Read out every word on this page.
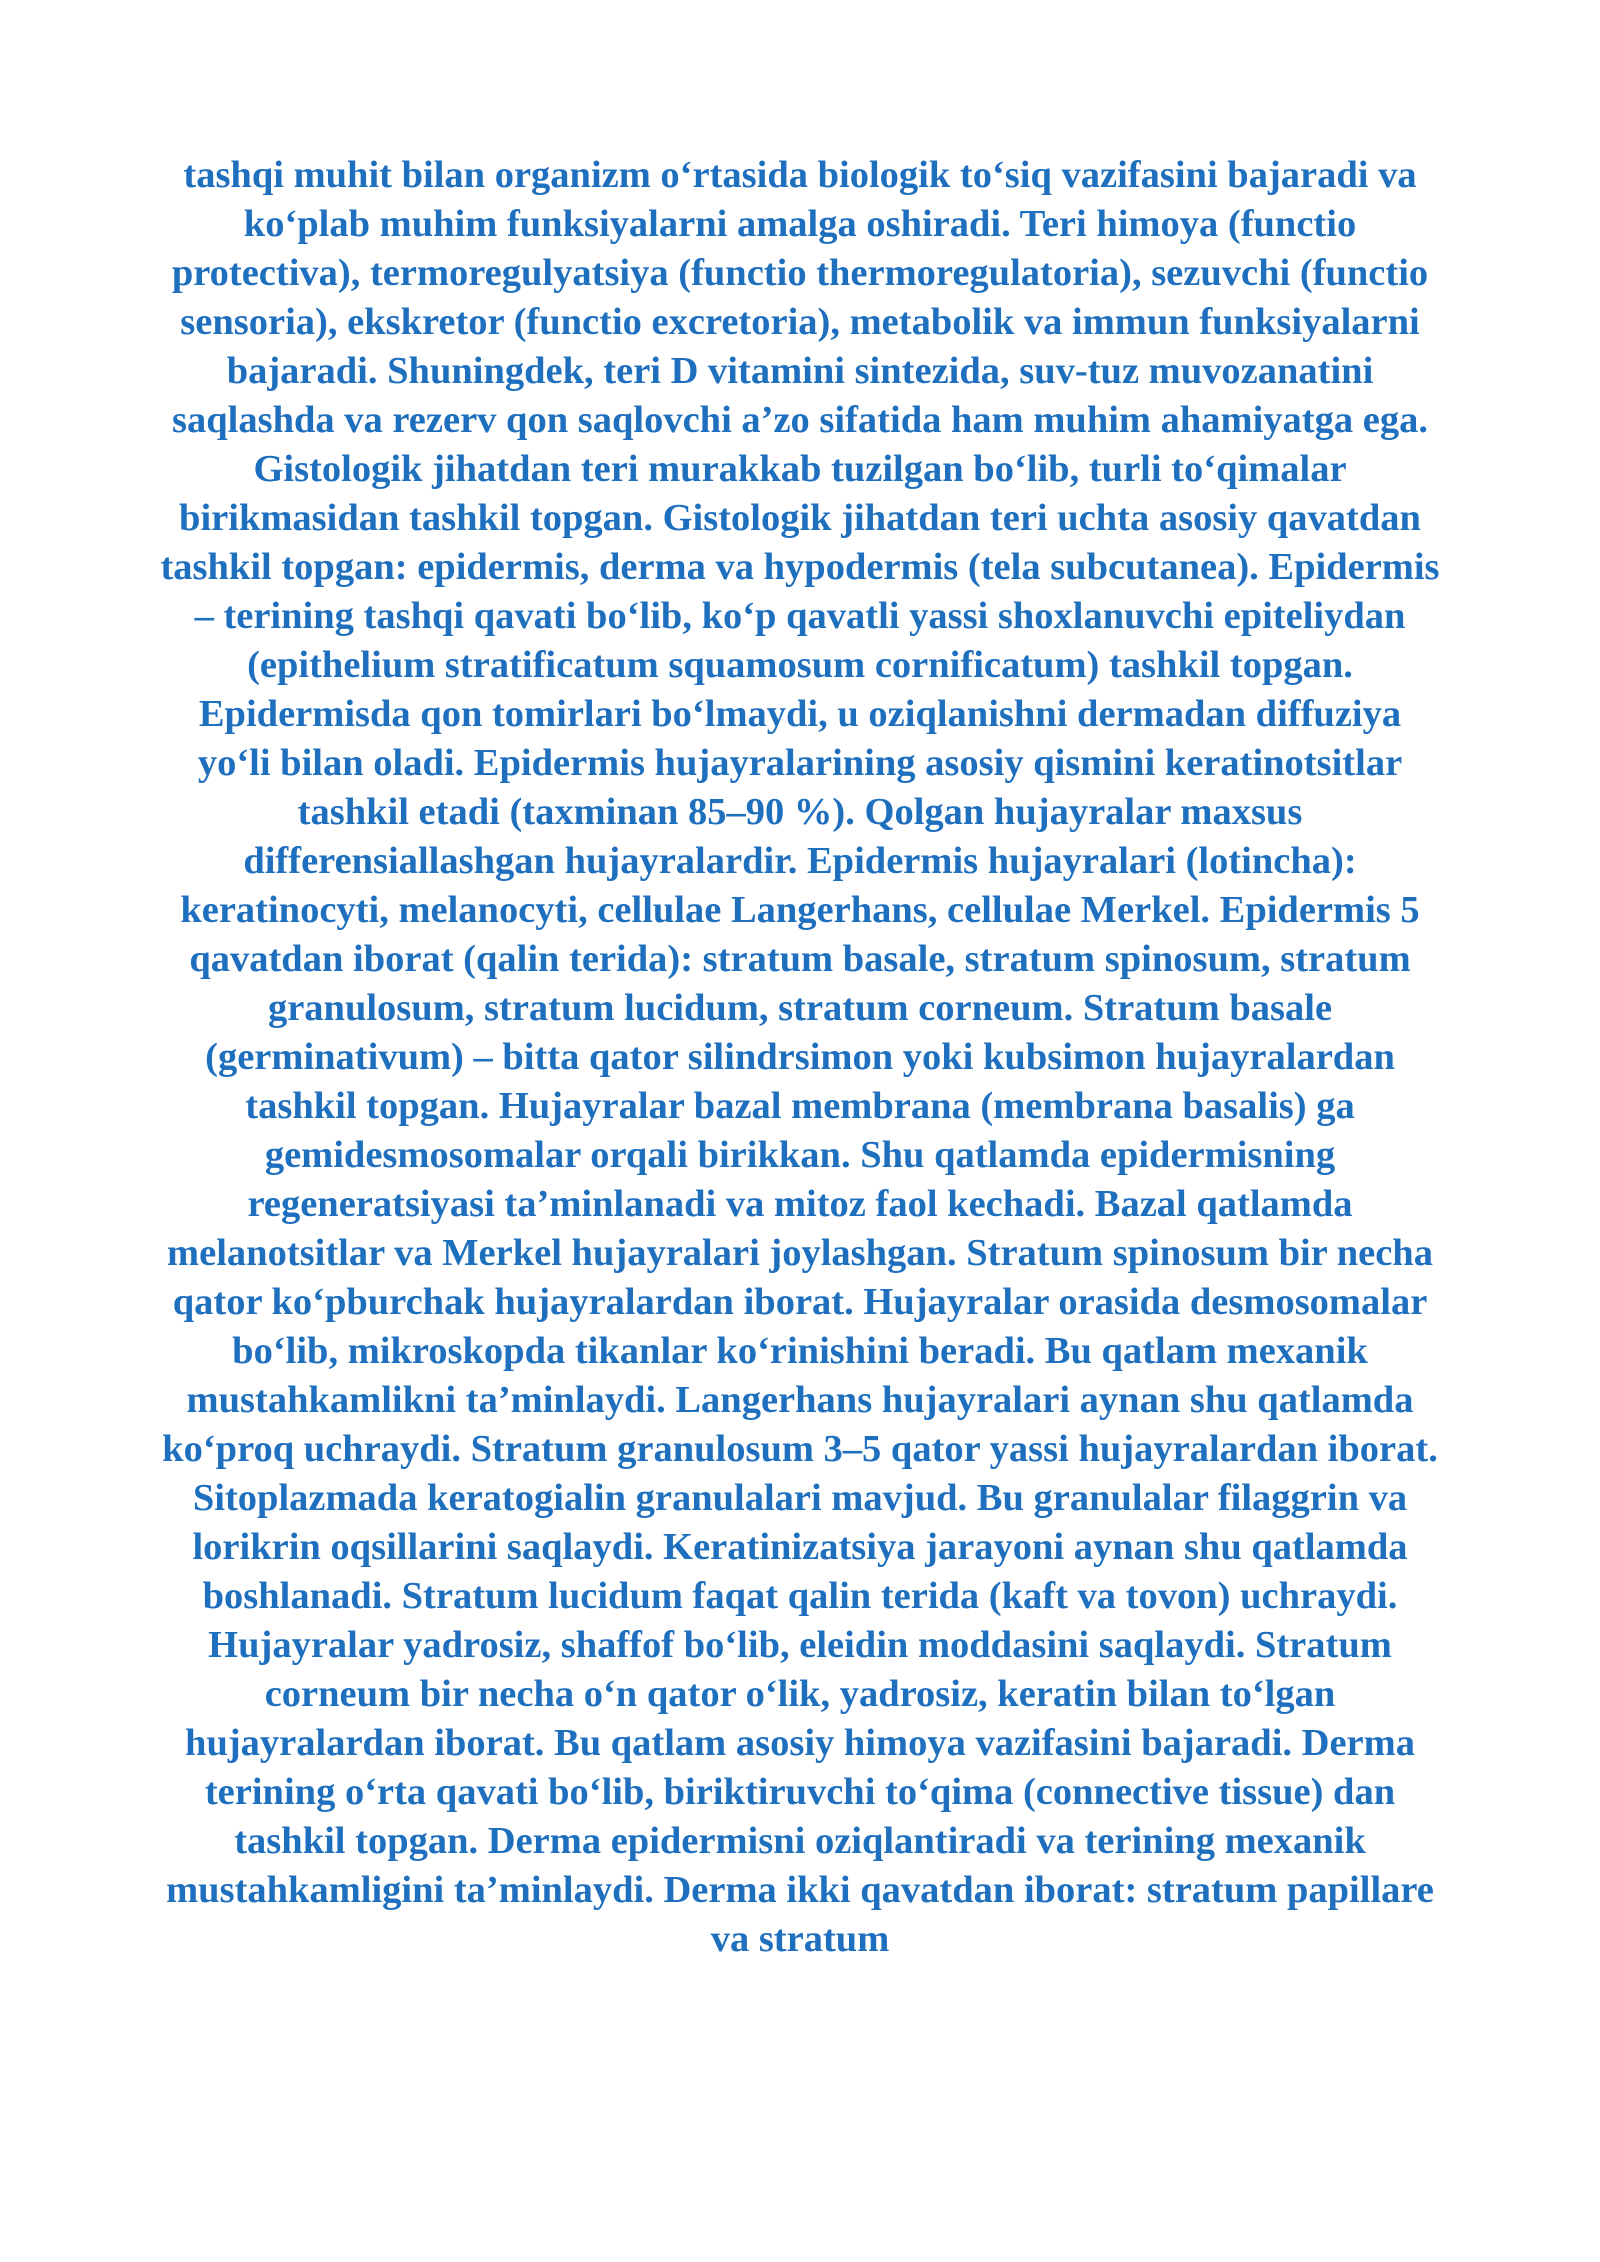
tashqi muhit bilan organizm o‘rtasida biologik to‘siq vazifasini bajaradi va ko‘plab muhim funksiyalarni amalga oshiradi. Teri himoya (functio protectiva), termoregulyatsiya (functio thermoregulatoria), sezuvchi (functio sensoria), ekskretor (functio excretoria), metabolik va immun funksiyalarni bajaradi. Shuningdek, teri D vitamini sintezida, suv-tuz muvozanatini saqlashda va rezerv qon saqlovchi a’zo sifatida ham muhim ahamiyatga ega. Gistologik jihatdan teri murakkab tuzilgan bo‘lib, turli to‘qimalar birikmasidan tashkil topgan. Gistologik jihatdan teri uchta asosiy qavatdan tashkil topgan: epidermis, derma va hypodermis (tela subcutanea). Epidermis – terining tashqi qavati bo‘lib, ko‘p qavatli yassi shoxlanuvchi epiteliydan (epithelium stratificatum squamosum cornificatum) tashkil topgan. Epidermisda qon tomirlari bo‘lmaydi, u oziqlanishni dermadan diffuziya yo‘li bilan oladi. Epidermis hujayralarining asosiy qismini keratinotsitlar tashkil etadi (taxminan 85–90 %). Qolgan hujayralar maxsus differensiallashgan hujayralardir. Epidermis hujayralari (lotincha): keratinocyti, melanocyti, cellulae Langerhans, cellulae Merkel. Epidermis 5 qavatdan iborat (qalin terida): stratum basale, stratum spinosum, stratum granulosum, stratum lucidum, stratum corneum. Stratum basale (germinativum) – bitta qator silindrsimon yoki kubsimon hujayralardan tashkil topgan. Hujayralar bazal membrana (membrana basalis) ga gemidesmosomalar orqali birikkan. Shu qatlamda epidermisning regeneratsiyasi ta’minlanadi va mitoz faol kechadi. Bazal qatlamda melanotsitlar va Merkel hujayralari joylashgan. Stratum spinosum bir necha qator ko‘pburchak hujayralardan iborat. Hujayralar orasida desmosomalar bo‘lib, mikroskopda tikanlar ko‘rinishini beradi. Bu qatlam mexanik mustahkamlikni ta’minlaydi. Langerhans hujayralari aynan shu qatlamda ko‘proq uchraydi. Stratum granulosum 3–5 qator yassi hujayralardan iborat. Sitoplazmada keratogialin granulalari mavjud. Bu granulalar filaggrin va lorikrin oqsillarini saqlaydi. Keratinizatsiya jarayoni aynan shu qatlamda boshlanadi. Stratum lucidum faqat qalin terida (kaft va tovon) uchraydi. Hujayralar yadrosiz, shaffof bo‘lib, eleidin moddasini saqlaydi. Stratum corneum bir necha o‘n qator o‘lik, yadrosiz, keratin bilan to‘lgan hujayralardan iborat. Bu qatlam asosiy himoya vazifasini bajaradi. Derma terining o‘rta qavati bo‘lib, biriktiruvchi to‘qima (connective tissue) dan tashkil topgan. Derma epidermisni oziqlantiradi va terining mexanik mustahkamligini ta’minlaydi. Derma ikki qavatdan iborat: stratum papillare va stratum
